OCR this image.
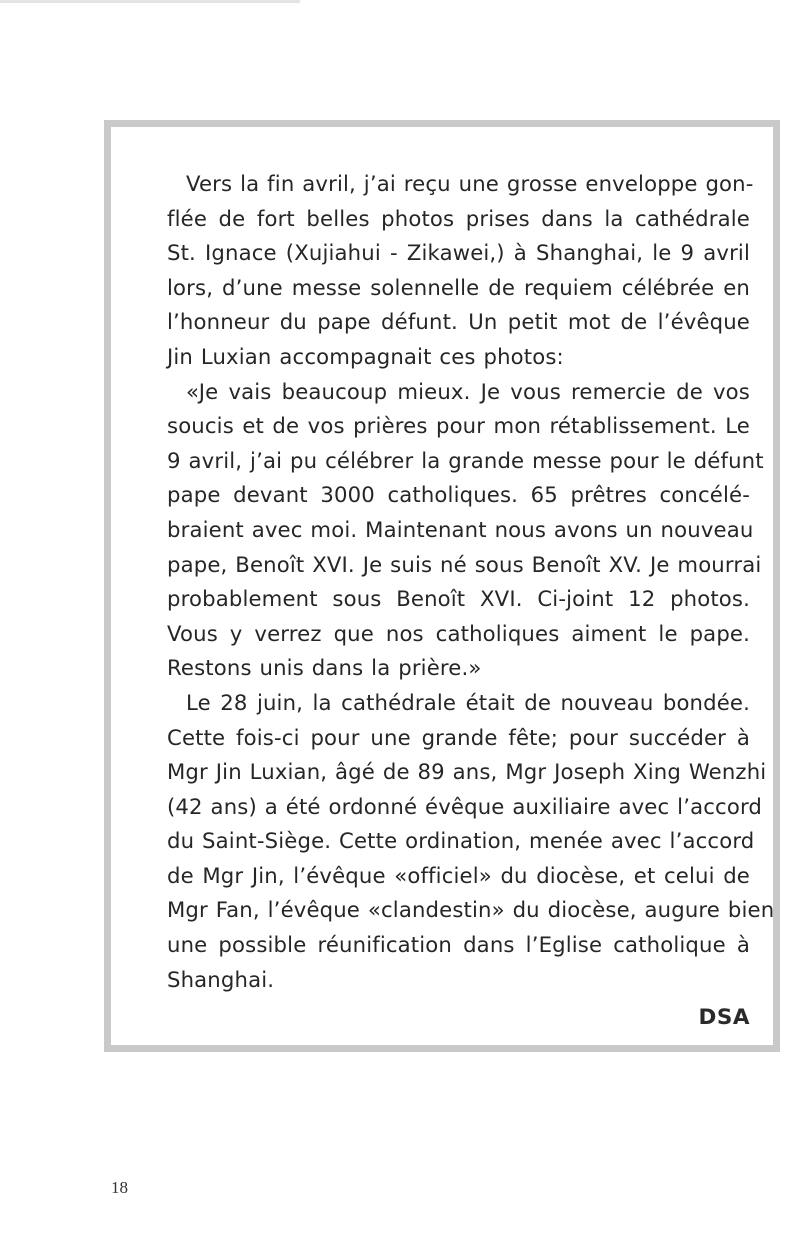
Vers la fin avril, j’ai reçu une grosse enveloppe gon-
flée de fort belles photos prises dans la cathédrale
St. Ignace (Xujiahui - Zikawei,) à Shanghai, le 9 avril
lors, d’une messe solennelle de requiem célébrée en
l’honneur du pape défunt. Un petit mot de l’évêque
Jin Luxian accompagnait ces photos:

«Je vais beaucoup mieux. Je vous remercie de vos
soucis et de vos prières pour mon rétablissement. Le
9 avril, j’ai pu célébrer la grande messe pour le défunt
pape devant 3000 catholiques. 65 prêtres concélé-
braient avec moi. Maintenant nous avons un nouveau
pape, Benoît XVI. Je suis né sous Benoît XV. Je mourrai
probablement sous Benoît XVI. Ci-joint 12 photos.
Vous y verrez que nos catholiques aiment le pape.
Restons unis dans la prière.»

Le 28 juin, la cathédrale était de nouveau bondée.
Cette fois-ci pour une grande fête; pour succéder à
Mgr Jin Luxian, âgé de 89 ans, Mgr Joseph Xing Wenzhi
(42 ans) a été ordonné évêque auxiliaire avec l’accord
du Saint-Siège. Cette ordination, menée avec l’accord
de Mgr Jin, l’évêque «officiel» du diocèse, et celui de
Mgr Fan, l’évêque «clandestin» du diocèse, augure bien
une possible réunification dans l’Eglise catholique à
Shanghai.

DSA
18
